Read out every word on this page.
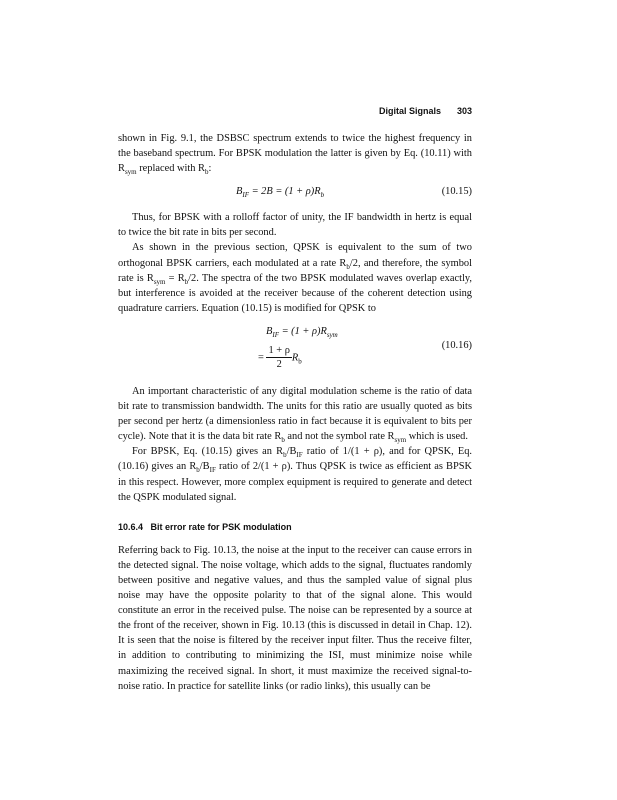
Digital Signals 303

shown in Fig. 9.1, the DSBSC spectrum extends to twice the highest frequency in the baseband spectrum. For BPSK modulation the latter is given by Eq. (10.11) with $R_{sym}$ replaced with $R_b$:

$B_{IF} = 2B = (1 + \rho)R_b$	(10.15)

Thus, for BPSK with a rolloff factor of unity, the IF bandwidth in hertz is equal to twice the bit rate in bits per second.

As shown in the previous section, QPSK is equivalent to the sum of two orthogonal BPSK carriers, each modulated at a rate $R_b/2$, and therefore, the symbol rate is $R_{sym} = R_b/2$. The spectra of the two BPSK modulated waves overlap exactly, but interference is avoided at the receiver because of the coherent detection using quadrature carriers. Equation (10.15) is modified for QPSK to

$B_{IF} = (1 + \rho)R_{sym}$
= $\frac{1 + \rho}{2} R_b$
(10.16)

An important characteristic of any digital modulation scheme is the ratio of data bit rate to transmission bandwidth. The units for this ratio are usually quoted as bits per second per hertz (a dimensionless ratio in fact because it is equivalent to bits per cycle). Note that it is the data bit rate $R_b$ and not the symbol rate $R_{sym}$ which is used.

For BPSK, Eq. (10.15) gives an $R_b/B_{IF}$ ratio of 1/(1 + ρ), and for QPSK, Eq. (10.16) gives an $R_b/B_{IF}$ ratio of 2/(1 + ρ). Thus QPSK is twice as efficient as BPSK in this respect. However, more complex equipment is required to generate and detect the QSPK modulated signal.

10.6.4 Bit error rate for PSK modulation

Referring back to Fig. 10.13, the noise at the input to the receiver can cause errors in the detected signal. The noise voltage, which adds to the signal, fluctuates randomly between positive and negative values, and thus the sampled value of signal plus noise may have the opposite polarity to that of the signal alone. This would constitute an error in the received pulse. The noise can be represented by a source at the front of the receiver, shown in Fig. 10.13 (this is discussed in detail in Chap. 12). It is seen that the noise is filtered by the receiver input filter. Thus the receive filter, in addition to contributing to minimizing the ISI, must minimize noise while maximizing the received signal. In short, it must maximize the received signal-to-noise ratio. In practice for satellite links (or radio links), this usually can be
